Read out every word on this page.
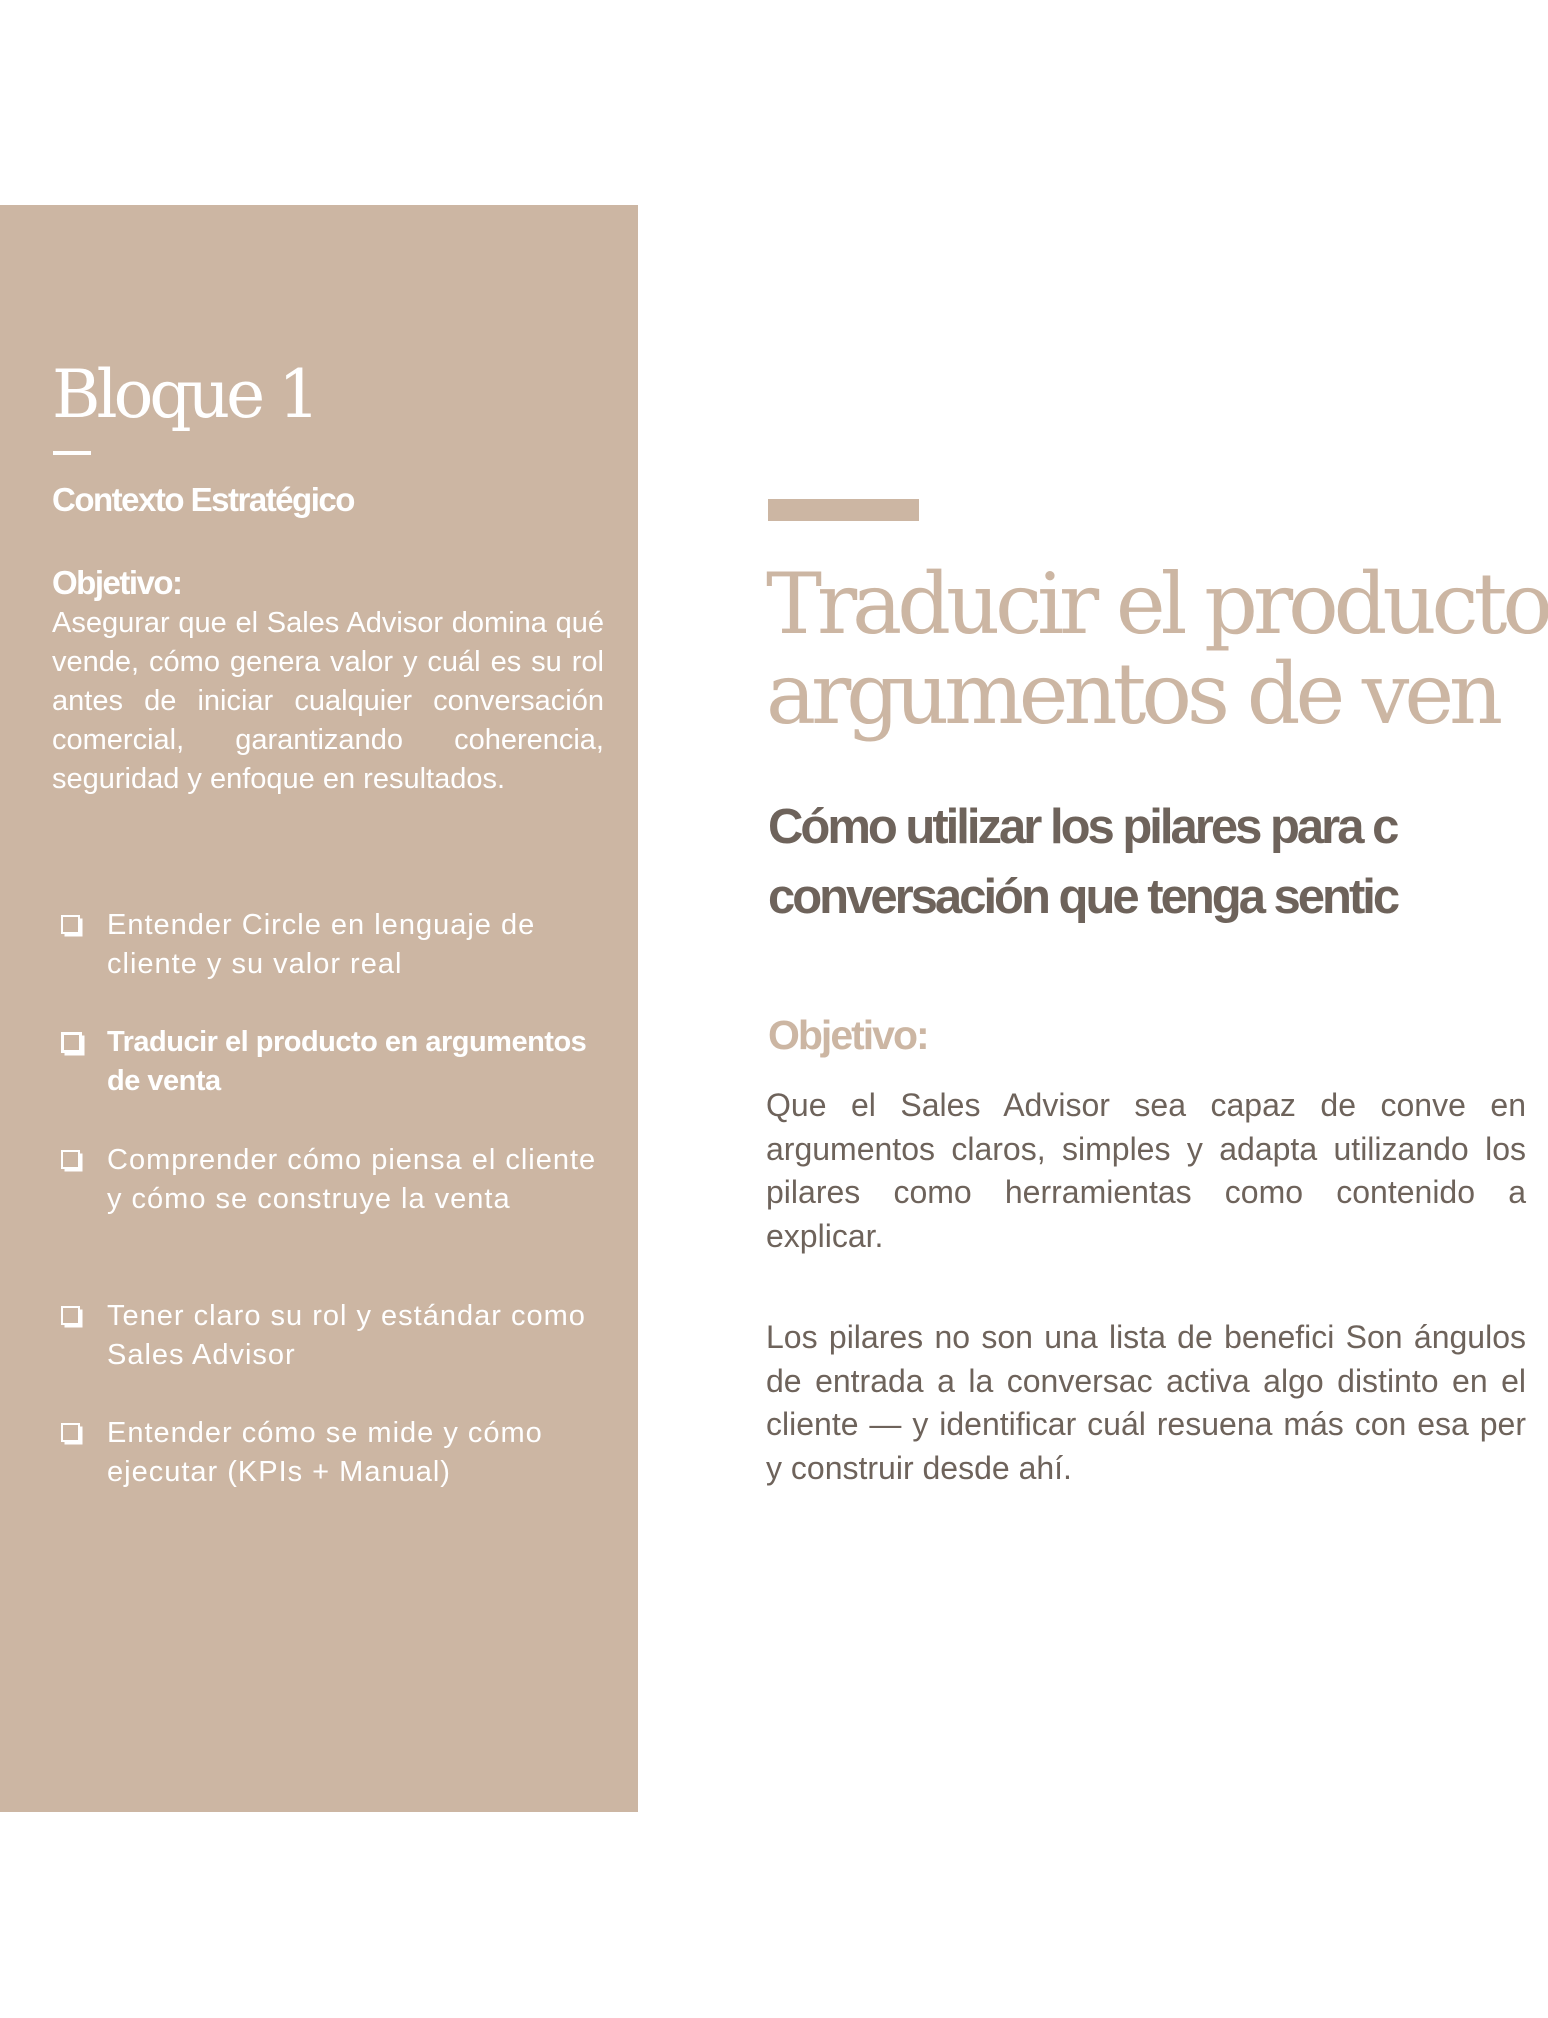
Bloque 1
Contexto Estratégico
Objetivo:

Asegurar que el Sales Advisor domina qué vende, cómo genera valor y cuál es su rol antes de iniciar cualquier conversación comercial, garantizando coherencia, seguridad y enfoque en resultados.

Entender Circle en lenguaje de cliente y su valor real
Traducir el producto en argumentos de venta
Comprender cómo piensa el cliente y cómo se construye la venta
Tener claro su rol y estándar como Sales Advisor
Entender cómo se mide y cómo ejecutar (KPIs + Manual)
Traducir el producto
argumentos de ven
Cómo utilizar los pilares para c
conversación que tenga sentic
Objetivo:

Que el Sales Advisor sea capaz de conve en argumentos claros, simples y adapta utilizando los pilares como herramientas como contenido a explicar.

Los pilares no son una lista de benefici Son ángulos de entrada a la conversac activa algo distinto en el cliente — y identificar cuál resuena más con esa per y construir desde ahí.
